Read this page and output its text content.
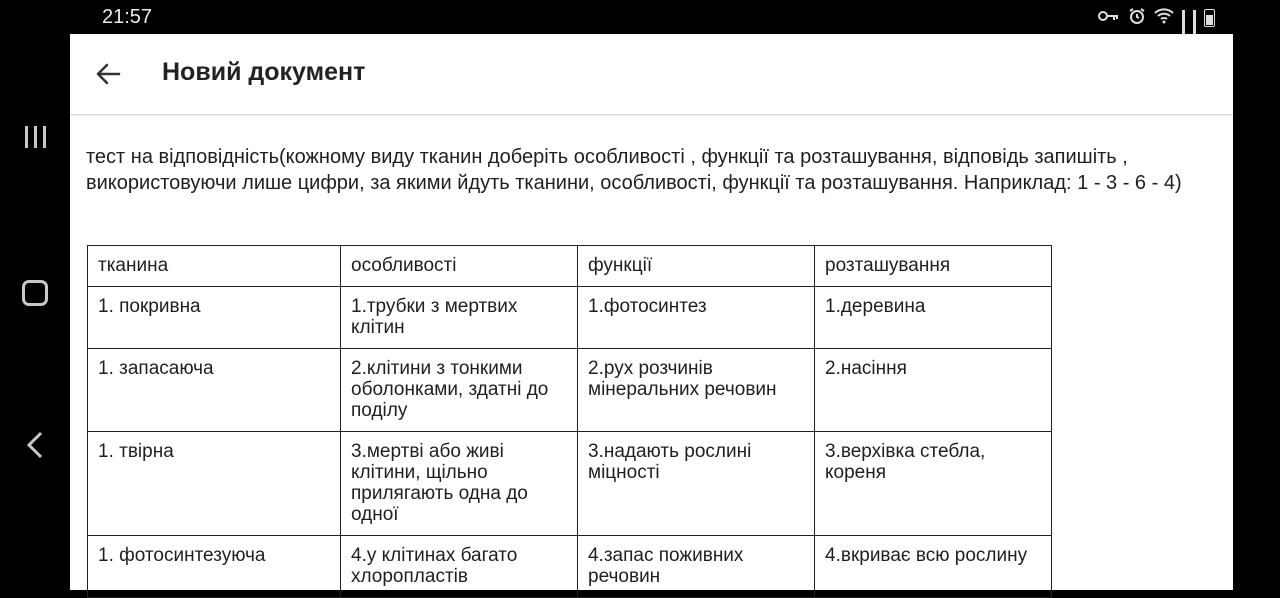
21:57
Новий документ

тест на відповідність(кожному виду тканин доберіть особливості , функції та розташування, відповідь запишіть , використовуючи лише цифри, за якими йдуть тканини, особливості, функції та розташування. Наприклад: 1 - 3 - 6 - 4)

тканина	особливості	функції	розташування
1. покривна	1.трубки з мертвих клітин	1.фотосинтез	1.деревина
1. запасаюча	2.клітини з тонкими оболонками, здатні до поділу	2.рух розчинів мінеральних речовин	2.насіння
1. твірна	3.мертві або живі клітини, щільно прилягають одна до одної	3.надають рослині міцності	3.верхівка стебла, кореня
1. фотосинтезуюча	4.у клітинах багато хлоропластів	4.запас поживних речовин	4.вкриває всю рослину
